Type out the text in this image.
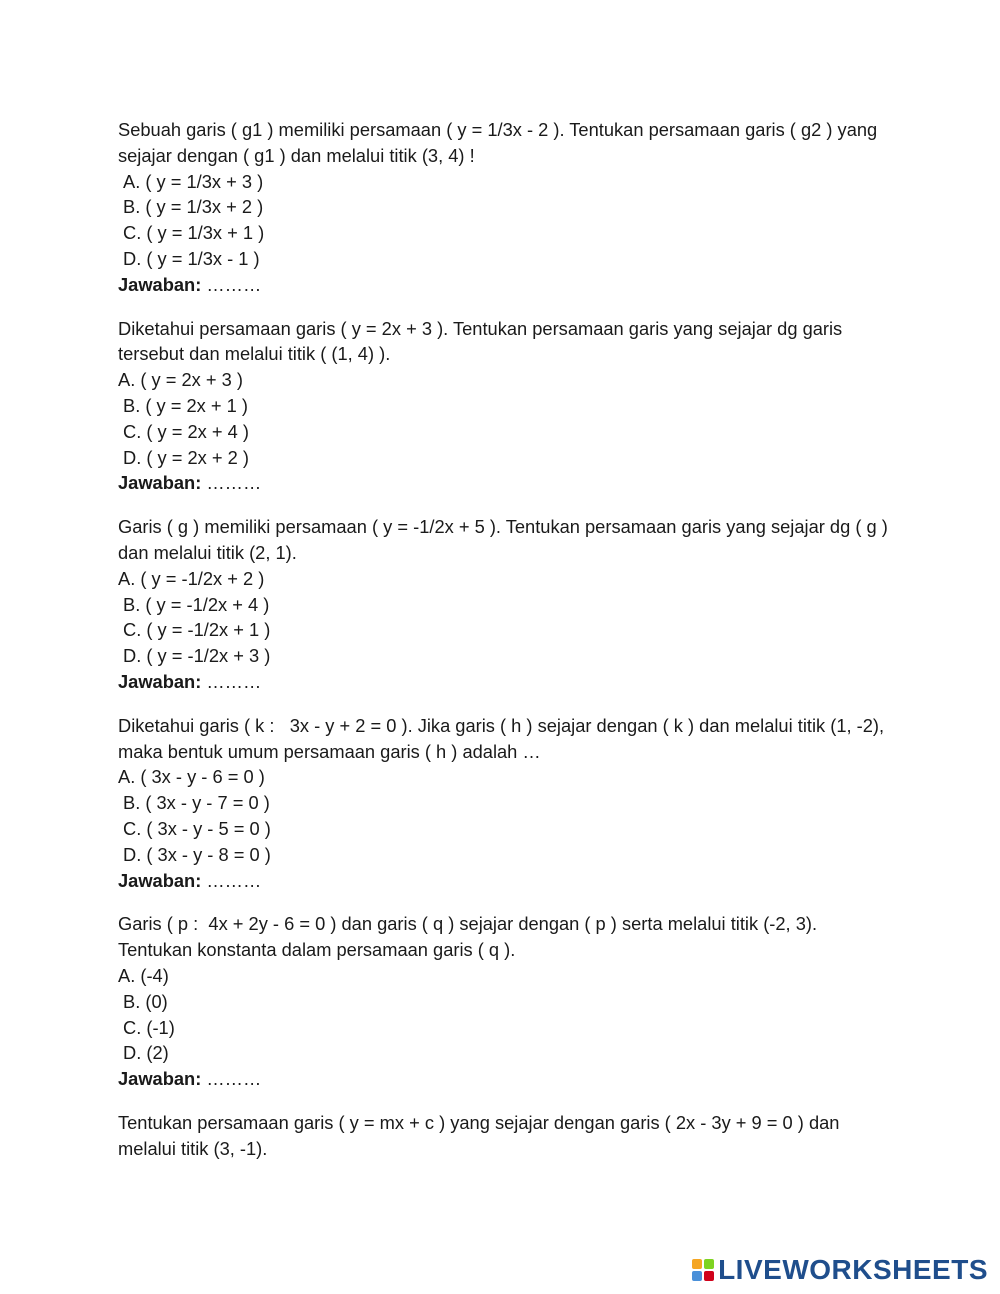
Sebuah garis ( g1 ) memiliki persamaan ( y = 1/3x - 2 ). Tentukan persamaan garis ( g2 ) yang sejajar dengan ( g1 ) dan melalui titik (3, 4) !
A. ( y = 1/3x + 3 )
B. ( y = 1/3x + 2 )
C. ( y = 1/3x + 1 )
D. ( y = 1/3x - 1 )
Jawaban: ………
Diketahui persamaan garis ( y = 2x + 3 ). Tentukan persamaan garis yang sejajar dg garis tersebut dan melalui titik ( (1, 4) ).
A. ( y = 2x + 3 )
B. ( y = 2x + 1 )
C. ( y = 2x + 4 )
D. ( y = 2x + 2 )
Jawaban: ………
Garis ( g ) memiliki persamaan ( y = -1/2x + 5 ). Tentukan persamaan garis yang sejajar dg ( g ) dan melalui titik (2, 1).
A. ( y = -1/2x + 2 )
B. ( y = -1/2x + 4 )
C. ( y = -1/2x + 1 )
D. ( y = -1/2x + 3 )
Jawaban: ………
Diketahui garis ( k :   3x - y + 2 = 0 ). Jika garis ( h ) sejajar dengan ( k ) dan melalui titik (1, -2), maka bentuk umum persamaan garis ( h ) adalah …
A. ( 3x - y - 6 = 0 )
B. ( 3x - y - 7 = 0 )
C. ( 3x - y - 5 = 0 )
D. ( 3x - y - 8 = 0 )
Jawaban: ………
Garis ( p :  4x + 2y - 6 = 0 ) dan garis ( q ) sejajar dengan ( p ) serta melalui titik (-2, 3). Tentukan konstanta dalam persamaan garis ( q ).
A. (-4)
B. (0)
C. (-1)
D. (2)
Jawaban: ………
Tentukan persamaan garis ( y = mx + c ) yang sejajar dengan garis ( 2x - 3y + 9 = 0 ) dan melalui titik (3, -1).
LIVEWORKSHEETS
